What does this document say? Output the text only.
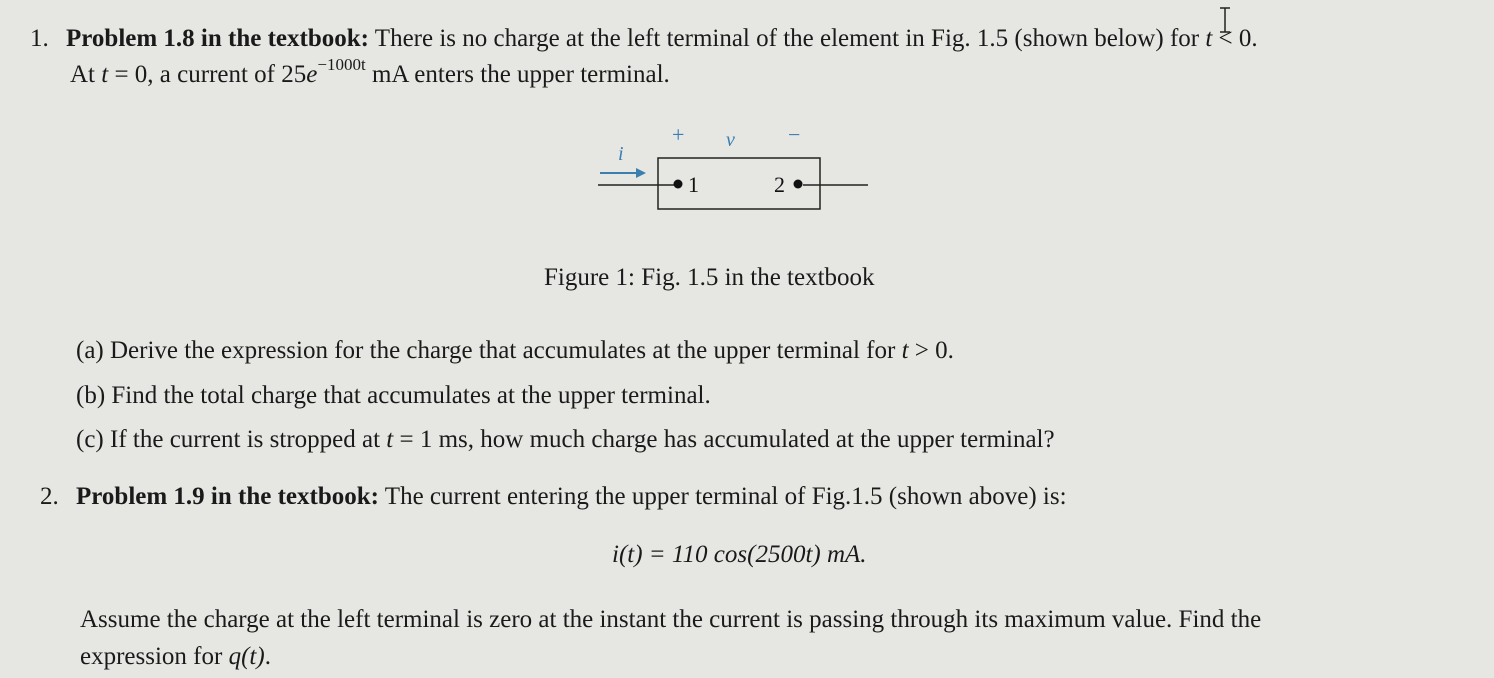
1. Problem 1.8 in the textbook: There is no charge at the left terminal of the element in Fig. 1.5 (shown below) for t < 0.
At t = 0, a current of $25e^{-1000t}$ mA enters the upper terminal.
i
1	2
+ v −
Figure 1: Fig. 1.5 in the textbook
(a) Derive the expression for the charge that accumulates at the upper terminal for t > 0.
(b) Find the total charge that accumulates at the upper terminal.
(c) If the current is stropped at t = 1 ms, how much charge has accumulated at the upper terminal?
2. Problem 1.9 in the textbook: The current entering the upper terminal of Fig.1.5 (shown above) is:
i(t) = 110 cos(2500t) mA.
Assume the charge at the left terminal is zero at the instant the current is passing through its maximum value. Find the
expression for q(t).
